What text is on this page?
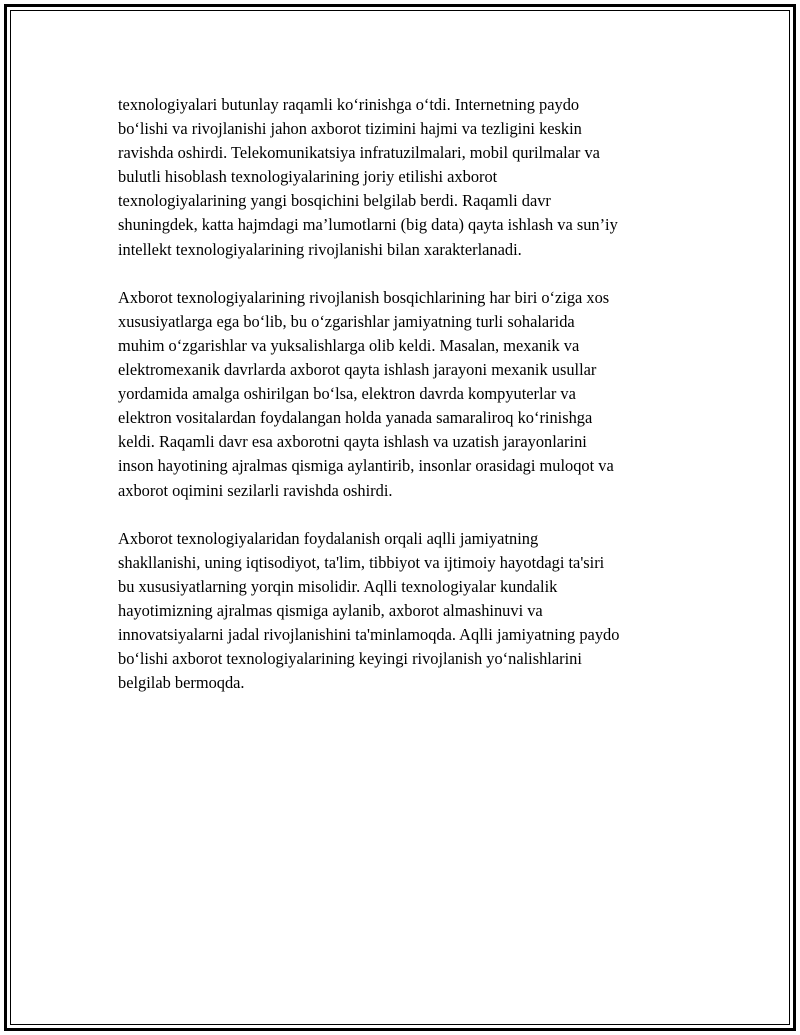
texnologiyalari butunlay raqamli ko‘rinishga o‘tdi. Internetning paydo
bo‘lishi va rivojlanishi jahon axborot tizimini hajmi va tezligini keskin
ravishda oshirdi. Telekomunikatsiya infratuzilmalari, mobil qurilmalar va
bulutli hisoblash texnologiyalarining joriy etilishi axborot
texnologiyalarining yangi bosqichini belgilab berdi. Raqamli davr
shuningdek, katta hajmdagi ma’lumotlarni (big data) qayta ishlash va sun’iy
intellekt texnologiyalarining rivojlanishi bilan xarakterlanadi.

Axborot texnologiyalarining rivojlanish bosqichlarining har biri o‘ziga xos
xususiyatlarga ega bo‘lib, bu o‘zgarishlar jamiyatning turli sohalarida
muhim o‘zgarishlar va yuksalishlarga olib keldi. Masalan, mexanik va
elektromexanik davrlarda axborot qayta ishlash jarayoni mexanik usullar
yordamida amalga oshirilgan bo‘lsa, elektron davrda kompyuterlar va
elektron vositalardan foydalangan holda yanada samaraliroq ko‘rinishga
keldi. Raqamli davr esa axborotni qayta ishlash va uzatish jarayonlarini
inson hayotining ajralmas qismiga aylantirib, insonlar orasidagi muloqot va
axborot oqimini sezilarli ravishda oshirdi.

Axborot texnologiyalaridan foydalanish orqali aqlli jamiyatning
shakllanishi, uning iqtisodiyot, ta'lim, tibbiyot va ijtimoiy hayotdagi ta'siri
bu xususiyatlarning yorqin misolidir. Aqlli texnologiyalar kundalik
hayotimizning ajralmas qismiga aylanib, axborot almashinuvi va
innovatsiyalarni jadal rivojlanishini ta'minlamoqda. Aqlli jamiyatning paydo
bo‘lishi axborot texnologiyalarining keyingi rivojlanish yo‘nalishlarini
belgilab bermoqda.
